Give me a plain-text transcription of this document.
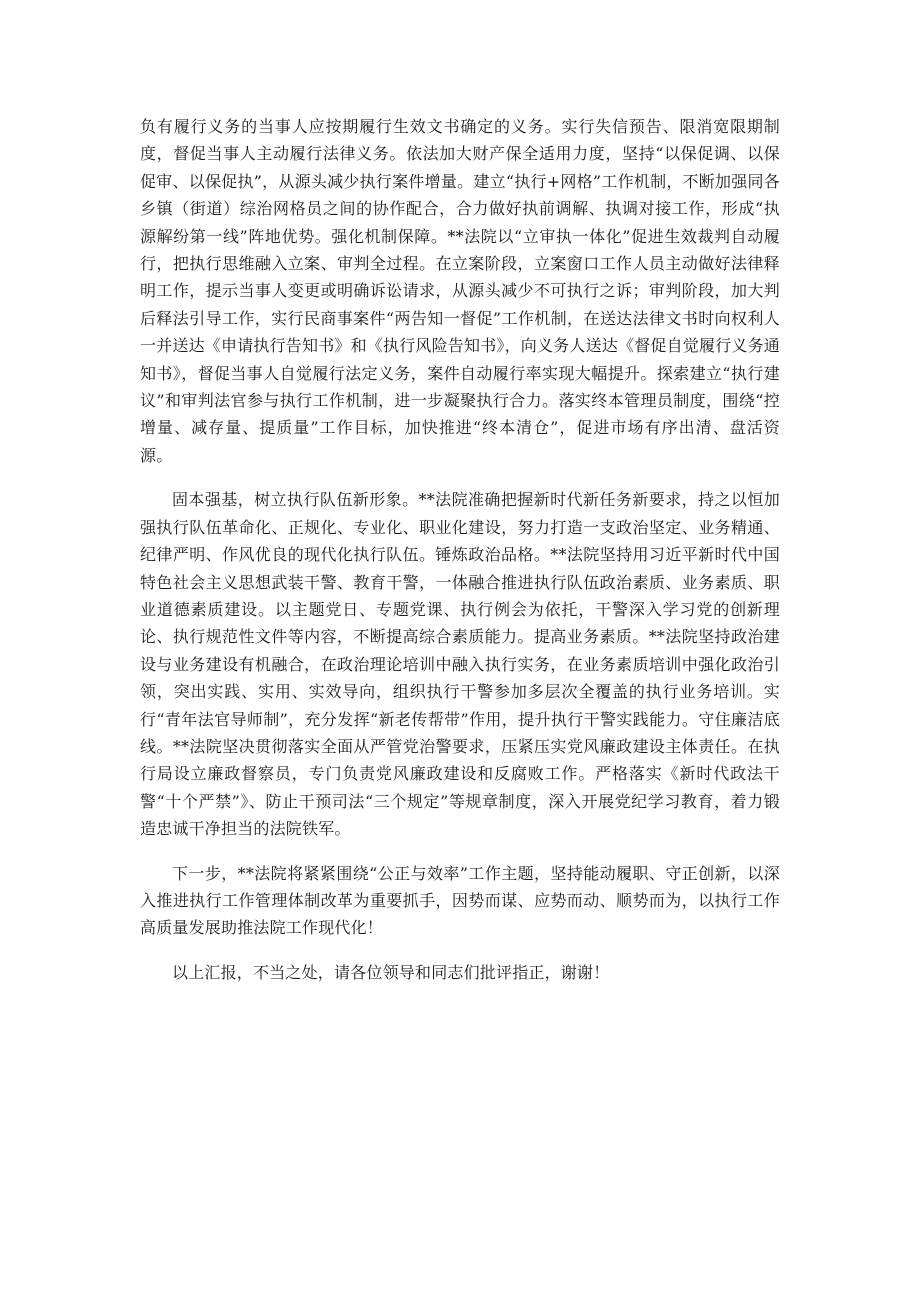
负有履行义务的当事人应按期履行生效文书确定的义务。实行失信预告、限消宽限期制度，督促当事人主动履行法律义务。依法加大财产保全适用力度，坚持“以保促调、以保促审、以保促执”，从源头减少执行案件增量。建立“执行+网格”工作机制，不断加强同各乡镇（街道）综治网格员之间的协作配合，合力做好执前调解、执调对接工作，形成“执源解纷第一线”阵地优势。强化机制保障。**法院以“立审执一体化”促进生效裁判自动履行，把执行思维融入立案、审判全过程。在立案阶段，立案窗口工作人员主动做好法律释明工作，提示当事人变更或明确诉讼请求，从源头减少不可执行之诉；审判阶段，加大判后释法引导工作，实行民商事案件“两告知一督促”工作机制，在送达法律文书时向权利人一并送达《申请执行告知书》和《执行风险告知书》，向义务人送达《督促自觉履行义务通知书》，督促当事人自觉履行法定义务，案件自动履行率实现大幅提升。探索建立“执行建议”和审判法官参与执行工作机制，进一步凝聚执行合力。落实终本管理员制度，围绕“控增量、减存量、提质量”工作目标，加快推进“终本清仓”，促进市场有序出清、盘活资源。

固本强基，树立执行队伍新形象。**法院准确把握新时代新任务新要求，持之以恒加强执行队伍革命化、正规化、专业化、职业化建设，努力打造一支政治坚定、业务精通、纪律严明、作风优良的现代化执行队伍。锤炼政治品格。**法院坚持用习近平新时代中国特色社会主义思想武装干警、教育干警，一体融合推进执行队伍政治素质、业务素质、职业道德素质建设。以主题党日、专题党课、执行例会为依托，干警深入学习党的创新理论、执行规范性文件等内容，不断提高综合素质能力。提高业务素质。**法院坚持政治建设与业务建设有机融合，在政治理论培训中融入执行实务，在业务素质培训中强化政治引领，突出实践、实用、实效导向，组织执行干警参加多层次全覆盖的执行业务培训。实行“青年法官导师制”，充分发挥“新老传帮带”作用，提升执行干警实践能力。守住廉洁底线。**法院坚决贯彻落实全面从严管党治警要求，压紧压实党风廉政建设主体责任。在执行局设立廉政督察员，专门负责党风廉政建设和反腐败工作。严格落实《新时代政法干警“十个严禁”》、防止干预司法“三个规定”等规章制度，深入开展党纪学习教育，着力锻造忠诚干净担当的法院铁军。

下一步，**法院将紧紧围绕“公正与效率”工作主题，坚持能动履职、守正创新，以深入推进执行工作管理体制改革为重要抓手，因势而谋、应势而动、顺势而为，以执行工作高质量发展助推法院工作现代化！

以上汇报，不当之处，请各位领导和同志们批评指正，谢谢！
